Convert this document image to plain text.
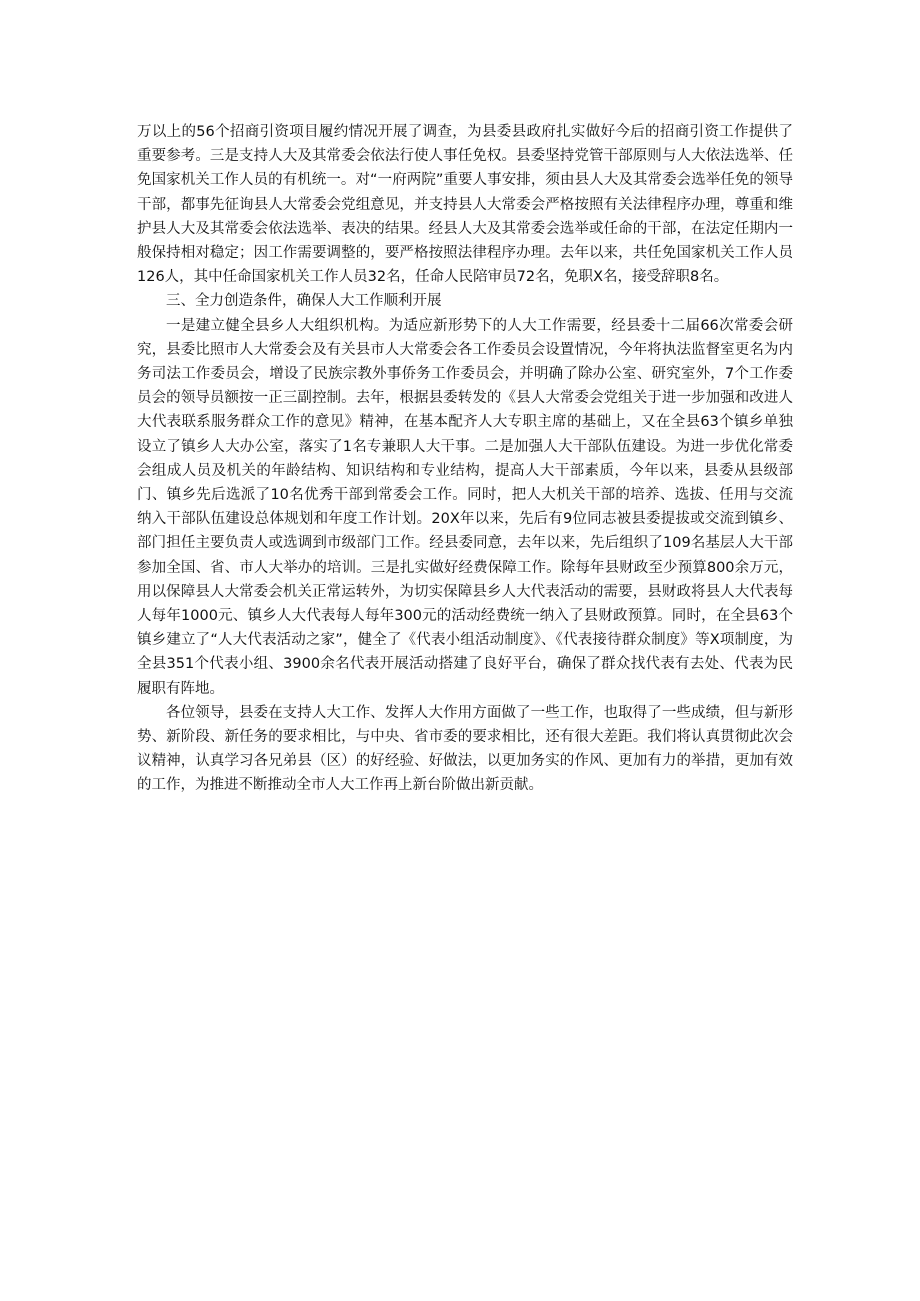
万以上的56个招商引资项目履约情况开展了调查，为县委县政府扎实做好今后的招商引资工作提供了重要参考。三是支持人大及其常委会依法行使人事任免权。县委坚持党管干部原则与人大依法选举、任免国家机关工作人员的有机统一。对“一府两院”重要人事安排，须由县人大及其常委会选举任免的领导干部，都事先征询县人大常委会党组意见，并支持县人大常委会严格按照有关法律程序办理，尊重和维护县人大及其常委会依法选举、表决的结果。经县人大及其常委会选举或任命的干部，在法定任期内一般保持相对稳定；因工作需要调整的，要严格按照法律程序办理。去年以来，共任免国家机关工作人员126人，其中任命国家机关工作人员32名，任命人民陪审员72名，免职X名，接受辞职8名。

三、全力创造条件，确保人大工作顺利开展

一是建立健全县乡人大组织机构。为适应新形势下的人大工作需要，经县委十二届66次常委会研究，县委比照市人大常委会及有关县市人大常委会各工作委员会设置情况，今年将执法监督室更名为内务司法工作委员会，增设了民族宗教外事侨务工作委员会，并明确了除办公室、研究室外，7个工作委员会的领导员额按一正三副控制。去年，根据县委转发的《县人大常委会党组关于进一步加强和改进人大代表联系服务群众工作的意见》精神，在基本配齐人大专职主席的基础上，又在全县63个镇乡单独设立了镇乡人大办公室，落实了1名专兼职人大干事。二是加强人大干部队伍建设。为进一步优化常委会组成人员及机关的年龄结构、知识结构和专业结构，提高人大干部素质，今年以来，县委从县级部门、镇乡先后选派了10名优秀干部到常委会工作。同时，把人大机关干部的培养、选拔、任用与交流纳入干部队伍建设总体规划和年度工作计划。20X年以来，先后有9位同志被县委提拔或交流到镇乡、部门担任主要负责人或选调到市级部门工作。经县委同意，去年以来，先后组织了109名基层人大干部参加全国、省、市人大举办的培训。三是扎实做好经费保障工作。除每年县财政至少预算800余万元，用以保障县人大常委会机关正常运转外，为切实保障县乡人大代表活动的需要，县财政将县人大代表每人每年1000元、镇乡人大代表每人每年300元的活动经费统一纳入了县财政预算。同时，在全县63个镇乡建立了“人大代表活动之家”，健全了《代表小组活动制度》、《代表接待群众制度》等X项制度，为全县351个代表小组、3900余名代表开展活动搭建了良好平台，确保了群众找代表有去处、代表为民履职有阵地。

各位领导，县委在支持人大工作、发挥人大作用方面做了一些工作，也取得了一些成绩，但与新形势、新阶段、新任务的要求相比，与中央、省市委的要求相比，还有很大差距。我们将认真贯彻此次会议精神，认真学习各兄弟县（区）的好经验、好做法，以更加务实的作风、更加有力的举措，更加有效的工作，为推进不断推动全市人大工作再上新台阶做出新贡献。
